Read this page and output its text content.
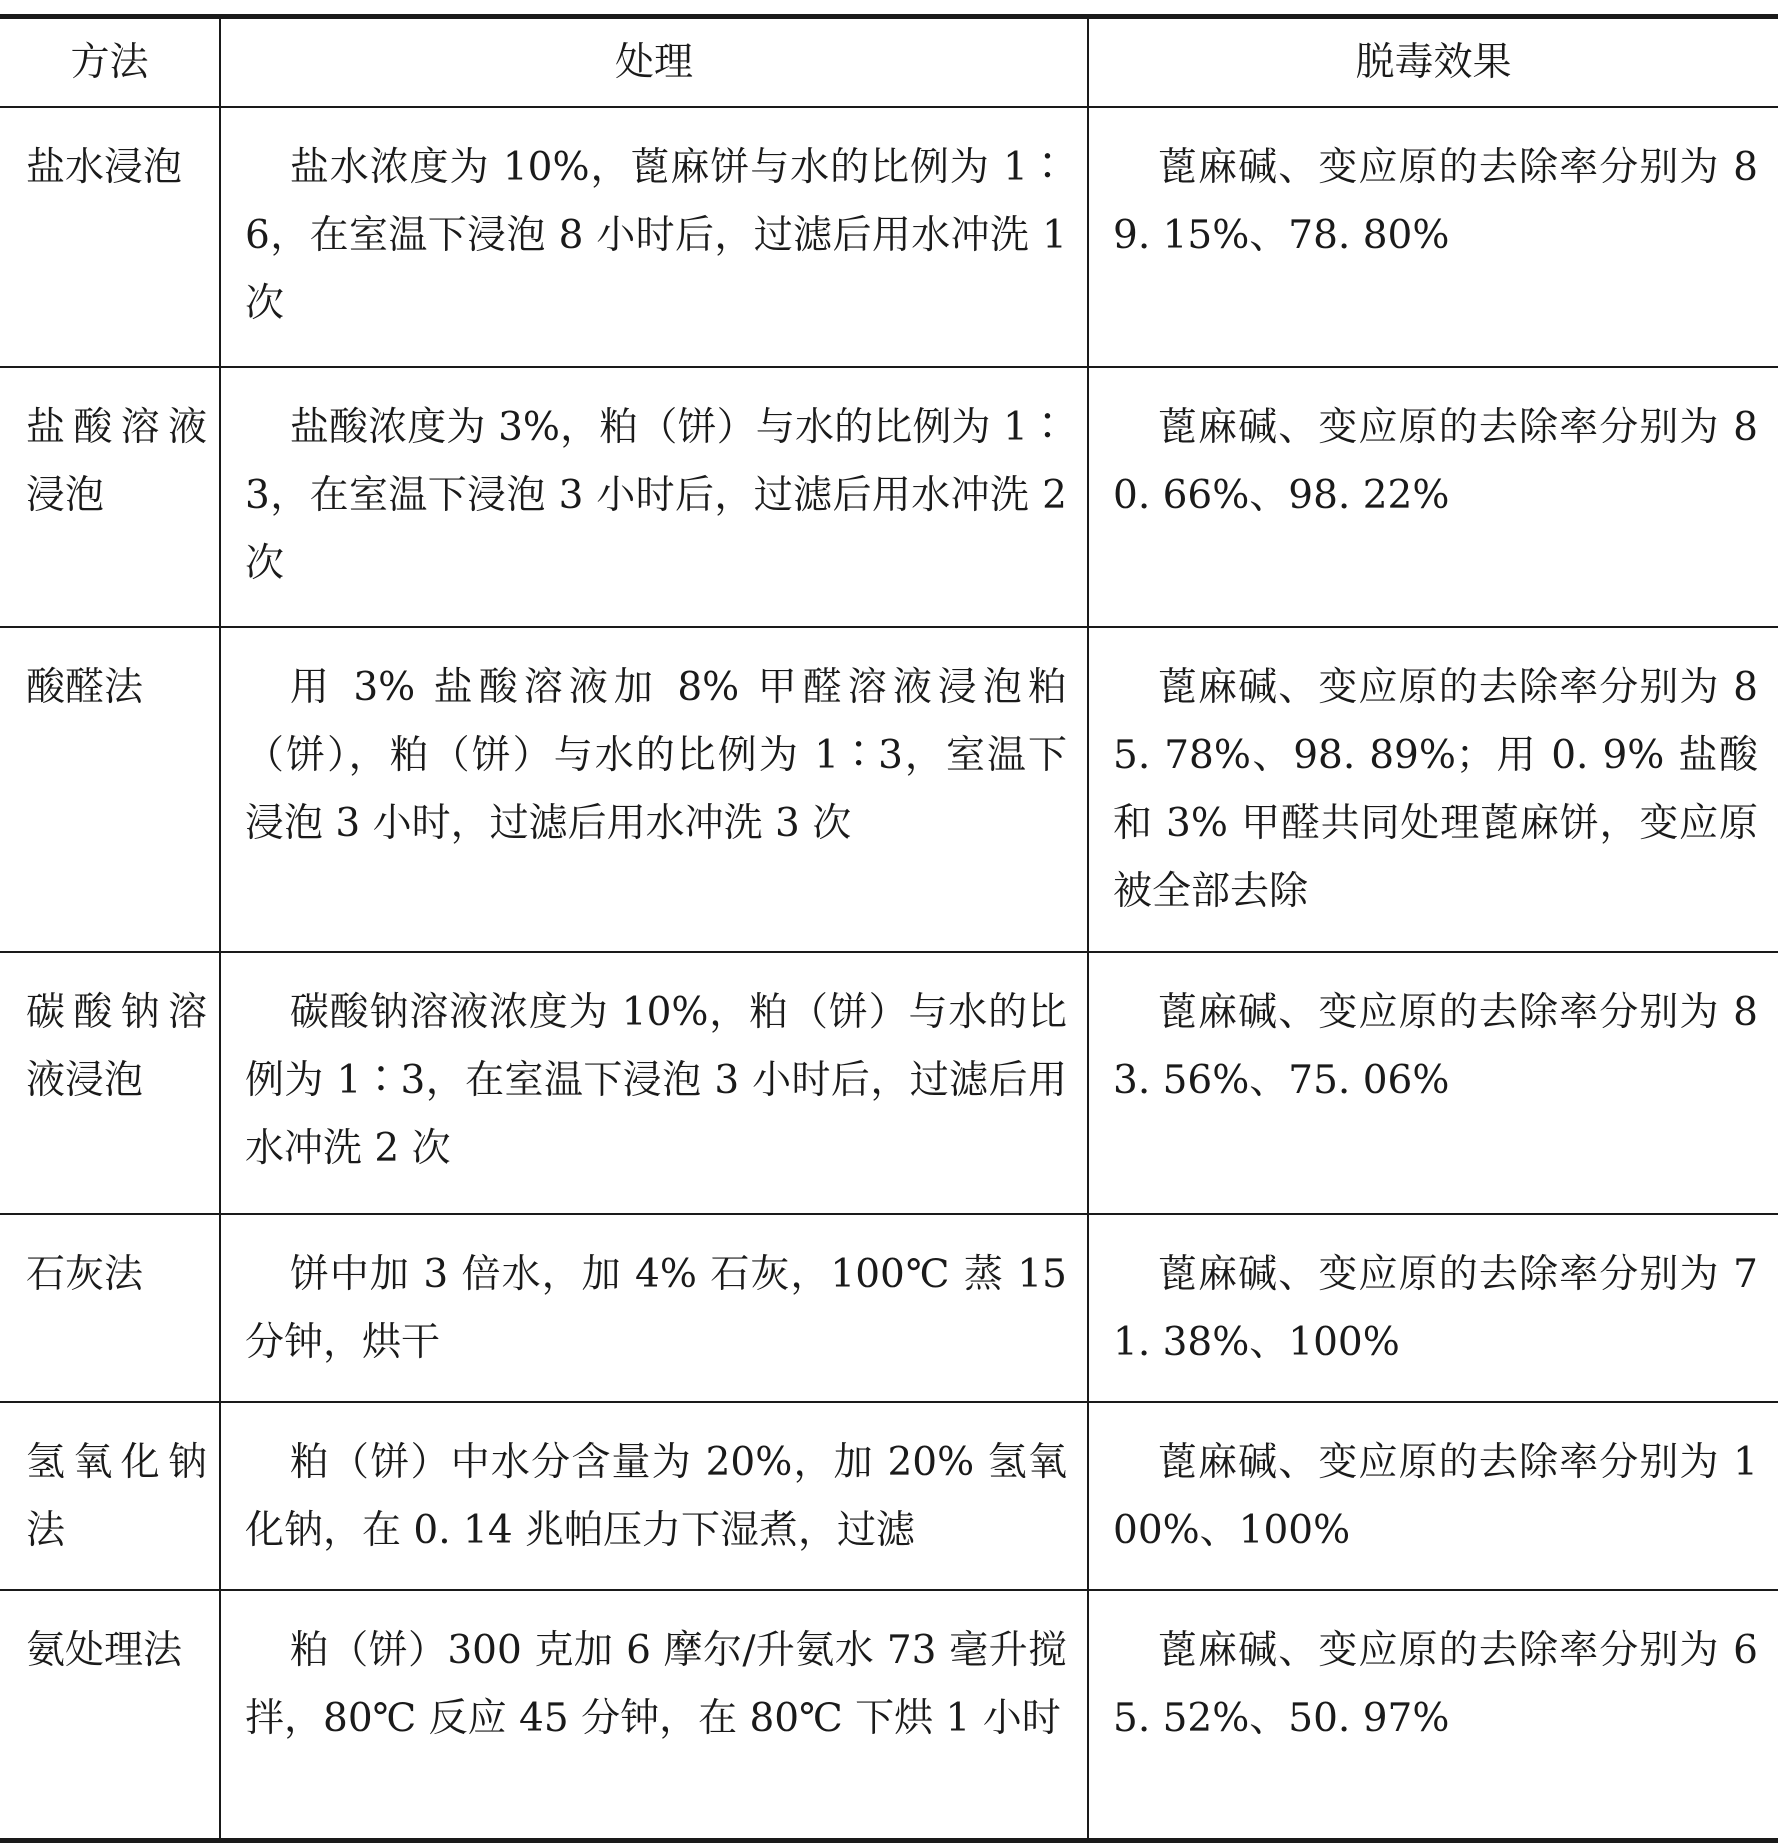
方法	处理	脱毒效果
盐水浸泡	盐水浓度为 10%，蓖麻饼与水的比例为 1∶6，在室温下浸泡 8 小时后，过滤后用水冲洗 1 次	蓖麻碱、变应原的去除率分别为 89. 15%、78. 80%
盐酸溶液浸泡	盐酸浓度为 3%，粕（饼）与水的比例为 1∶3，在室温下浸泡 3 小时后，过滤后用水冲洗 2 次	蓖麻碱、变应原的去除率分别为 80. 66%、98. 22%
酸醛法	用 3% 盐酸溶液加 8% 甲醛溶液浸泡粕（饼），粕（饼）与水的比例为 1∶3，室温下浸泡 3 小时，过滤后用水冲洗 3 次	蓖麻碱、变应原的去除率分别为 85. 78%、98. 89%；用 0. 9% 盐酸和 3% 甲醛共同处理蓖麻饼，变应原被全部去除
碳酸钠溶液浸泡	碳酸钠溶液浓度为 10%，粕（饼）与水的比例为 1∶3，在室温下浸泡 3 小时后，过滤后用水冲洗 2 次	蓖麻碱、变应原的去除率分别为 83. 56%、75. 06%
石灰法	饼中加 3 倍水，加 4% 石灰，100℃ 蒸 15 分钟，烘干	蓖麻碱、变应原的去除率分别为 71. 38%、100%
氢氧化钠法	粕（饼）中水分含量为 20%，加 20% 氢氧化钠，在 0. 14 兆帕压力下湿煮，过滤	蓖麻碱、变应原的去除率分别为 100%、100%
氨处理法	粕（饼）300 克加 6 摩尔/升氨水 73 毫升搅拌，80℃ 反应 45 分钟，在 80℃ 下烘 1 小时	蓖麻碱、变应原的去除率分别为 65. 52%、50. 97%
